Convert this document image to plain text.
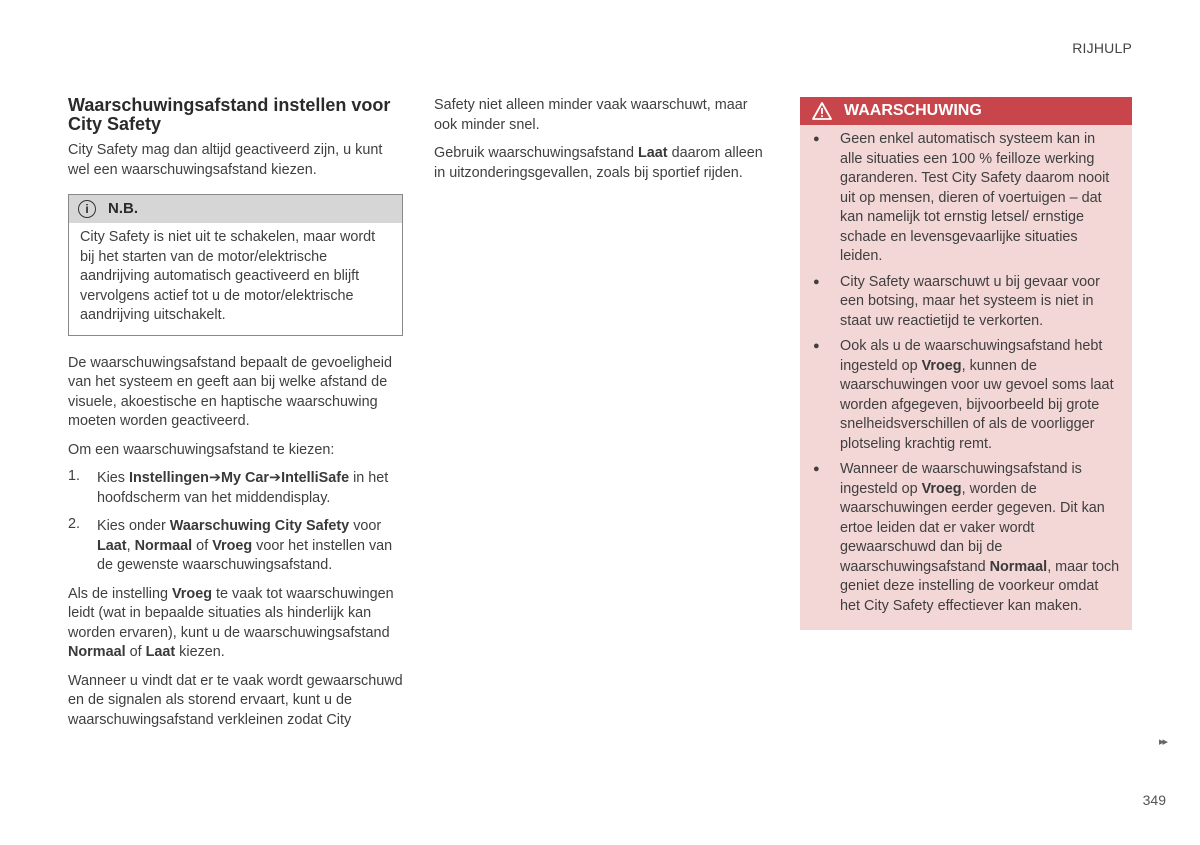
RIJHULP
Waarschuwingsafstand instellen voor City Safety

City Safety mag dan altijd geactiveerd zijn, u kunt wel een waarschuwingsafstand kiezen.

i	N.B.
City Safety is niet uit te schakelen, maar wordt bij het starten van de motor/elektrische aandrijving automatisch geactiveerd en blijft vervolgens actief tot u de motor/elektrische aandrijving uitschakelt.

De waarschuwingsafstand bepaalt de gevoeligheid van het systeem en geeft aan bij welke afstand de visuele, akoestische en haptische waarschuwing moeten worden geactiveerd.

Om een waarschuwingsafstand te kiezen:

1. Kies Instellingen➔My Car➔IntelliSafe in het hoofdscherm van het middendisplay.
2. Kies onder Waarschuwing City Safety voor Laat, Normaal of Vroeg voor het instellen van de gewenste waarschuwingsafstand.

Als de instelling Vroeg te vaak tot waarschuwingen leidt (wat in bepaalde situaties als hinderlijk kan worden ervaren), kunt u de waarschuwingsafstand Normaal of Laat kiezen.

Wanneer u vindt dat er te vaak wordt gewaarschuwd en de signalen als storend ervaart, kunt u de waarschuwingsafstand verkleinen zodat City

Safety niet alleen minder vaak waarschuwt, maar ook minder snel.

Gebruik waarschuwingsafstand Laat daarom alleen in uitzonderingsgevallen, zoals bij sportief rijden.

WAARSCHUWING
● Geen enkel automatisch systeem kan in alle situaties een 100 % feilloze werking garanderen. Test City Safety daarom nooit uit op mensen, dieren of voertuigen – dat kan namelijk tot ernstig letsel/ ernstige schade en levensgevaarlijke situaties leiden.
● City Safety waarschuwt u bij gevaar voor een botsing, maar het systeem is niet in staat uw reactietijd te verkorten.
● Ook als u de waarschuwingsafstand hebt ingesteld op Vroeg, kunnen de waarschuwingen voor uw gevoel soms laat worden afgegeven, bijvoorbeeld bij grote snelheidsverschillen of als de voorligger plotseling krachtig remt.
● Wanneer de waarschuwingsafstand is ingesteld op Vroeg, worden de waarschuwingen eerder gegeven. Dit kan ertoe leiden dat er vaker wordt gewaarschuwd dan bij de waarschuwingsafstand Normaal, maar toch geniet deze instelling de voorkeur omdat het City Safety effectiever kan maken.
▸▸
349
